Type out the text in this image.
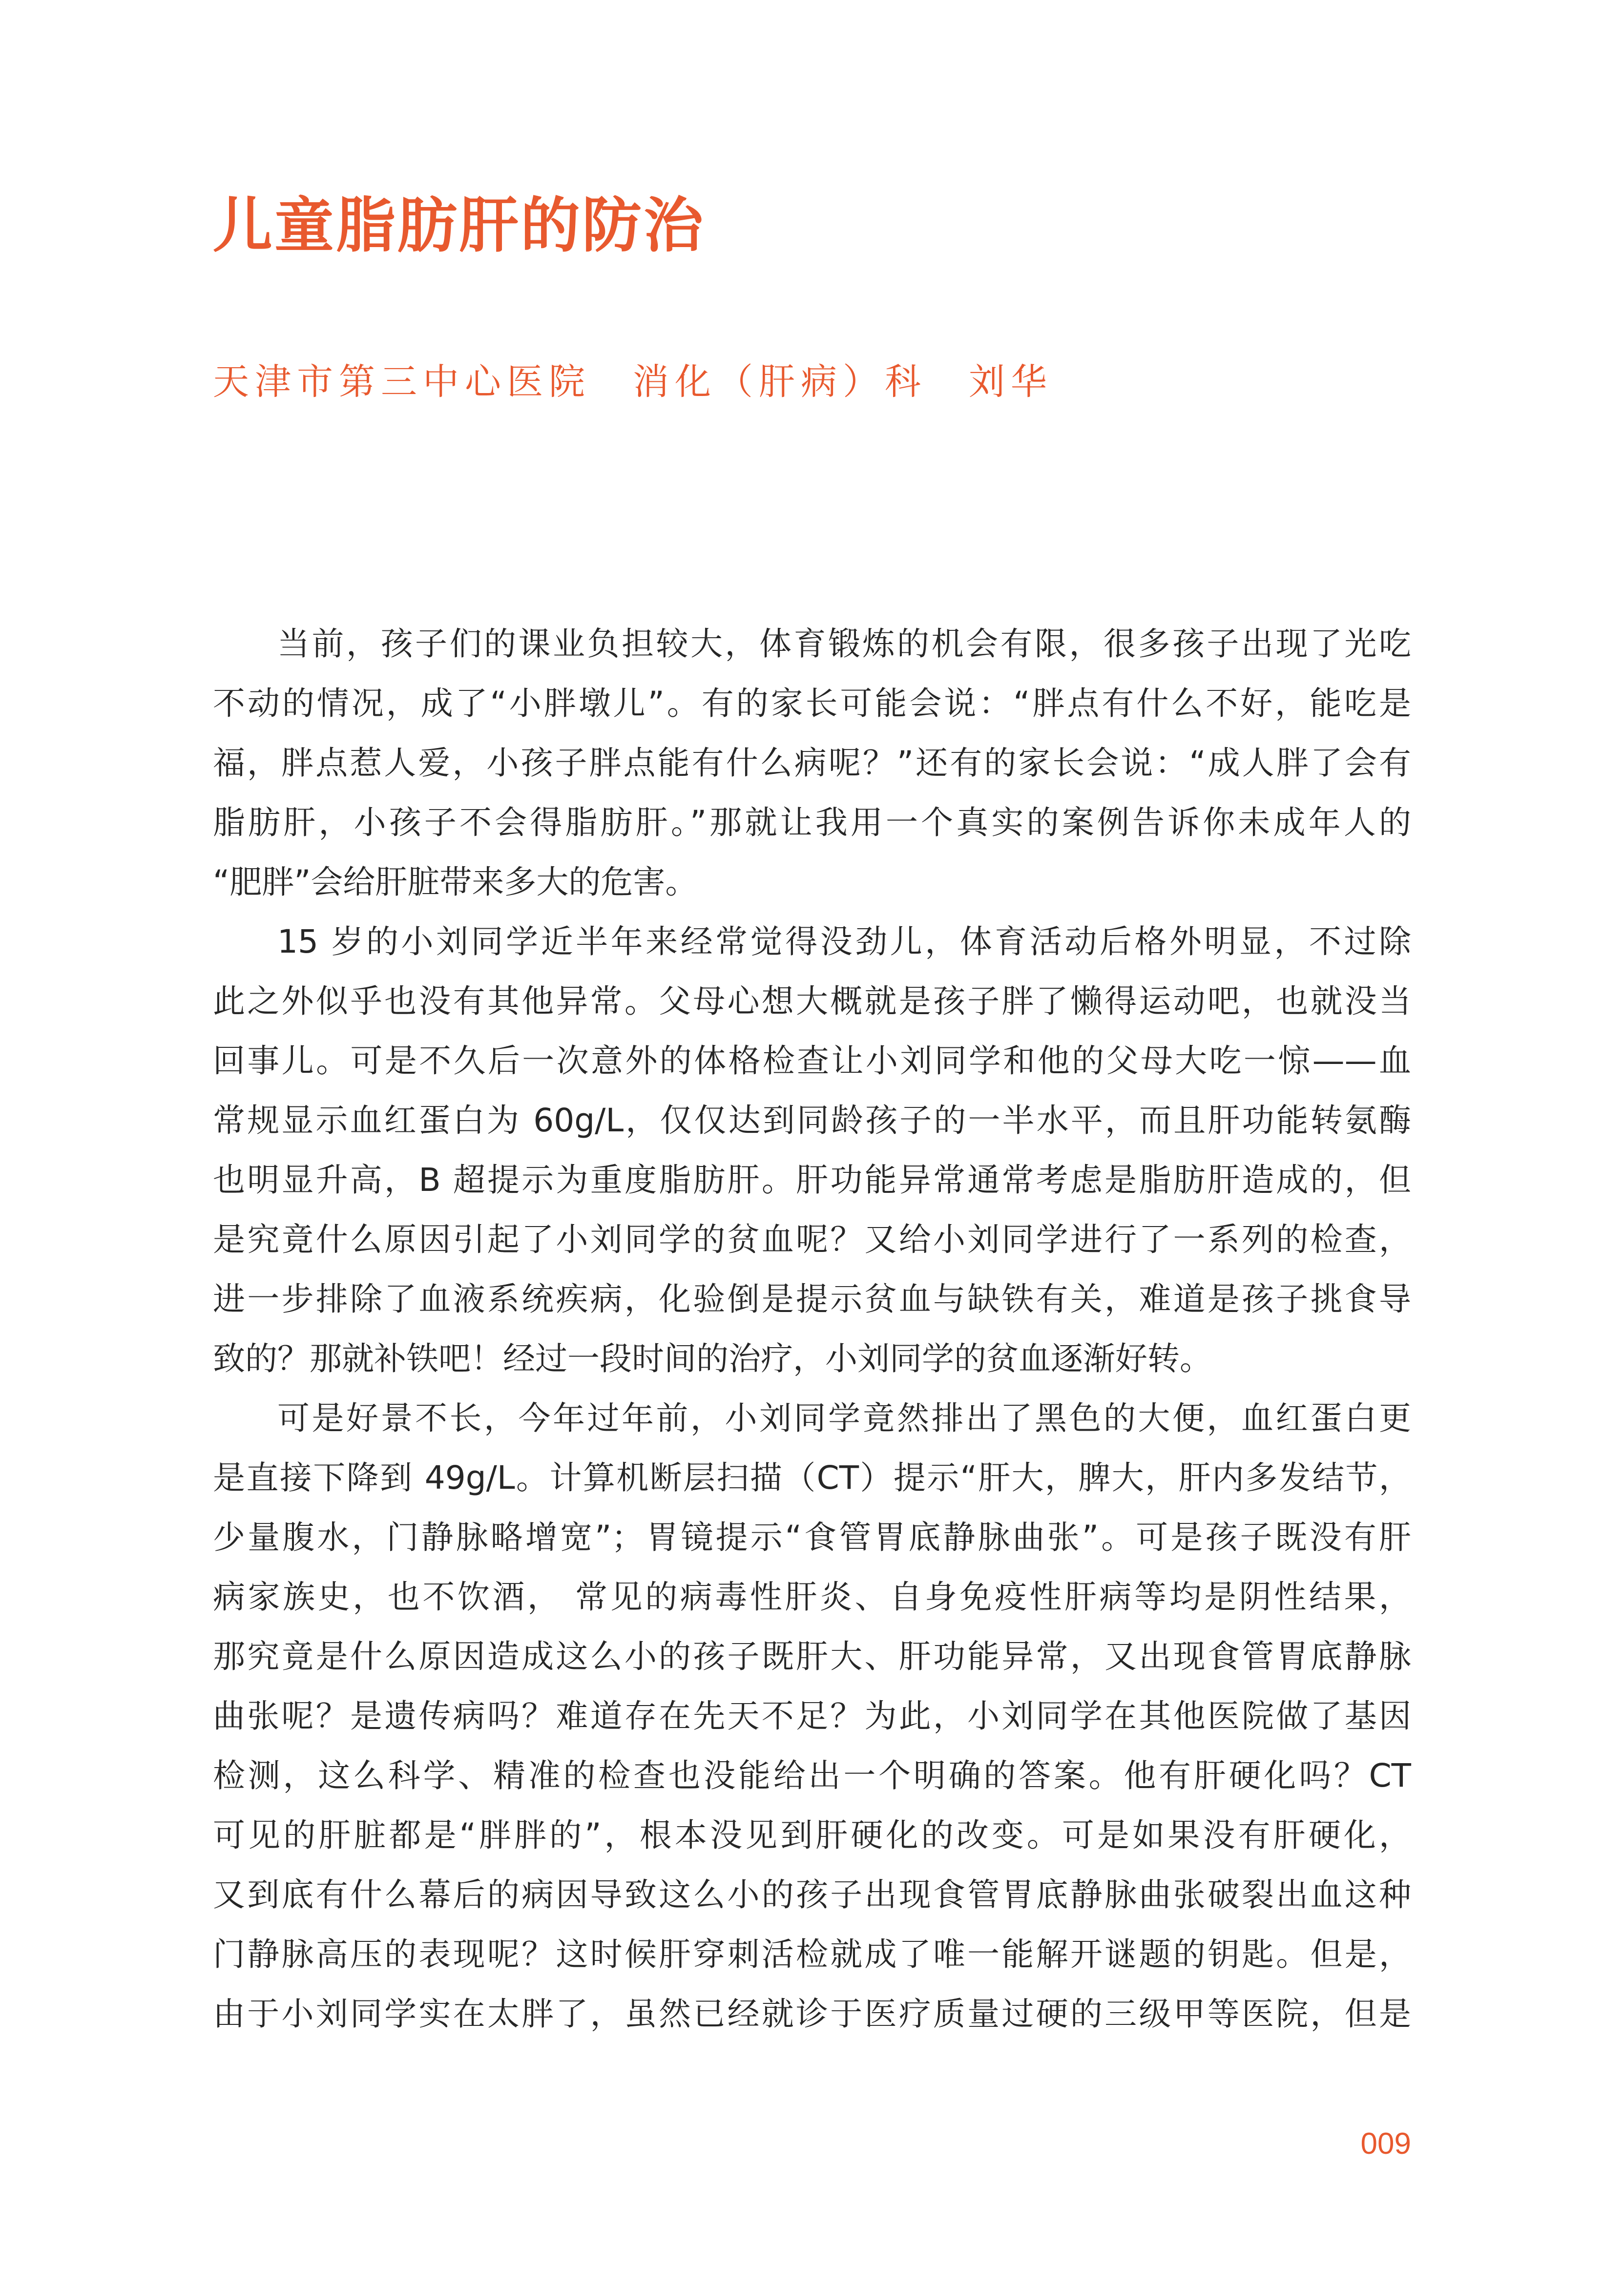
儿童脂肪肝的防治

天津市第三中心医院　消化（肝病）科　刘华

当前，孩子们的课业负担较大，体育锻炼的机会有限，很多孩子出现了光吃
不动的情况，成了“小胖墩儿”。有的家长可能会说：“胖点有什么不好，能吃是
福，胖点惹人爱，小孩子胖点能有什么病呢？”还有的家长会说：“成人胖了会有
脂肪肝，小孩子不会得脂肪肝。”那就让我用一个真实的案例告诉你未成年人的
“肥胖”会给肝脏带来多大的危害。
15 岁的小刘同学近半年来经常觉得没劲儿，体育活动后格外明显，不过除
此之外似乎也没有其他异常。父母心想大概就是孩子胖了懒得运动吧，也就没当
回事儿。可是不久后一次意外的体格检查让小刘同学和他的父母大吃一惊——血
常规显示血红蛋白为 60g/L，仅仅达到同龄孩子的一半水平，而且肝功能转氨酶
也明显升高，B 超提示为重度脂肪肝。肝功能异常通常考虑是脂肪肝造成的，但
是究竟什么原因引起了小刘同学的贫血呢？又给小刘同学进行了一系列的检查，
进一步排除了血液系统疾病，化验倒是提示贫血与缺铁有关，难道是孩子挑食导
致的？那就补铁吧！经过一段时间的治疗，小刘同学的贫血逐渐好转。
可是好景不长，今年过年前，小刘同学竟然排出了黑色的大便，血红蛋白更
是直接下降到 49g/L。计算机断层扫描（CT）提示“肝大，脾大，肝内多发结节，
少量腹水，门静脉略增宽”；胃镜提示“食管胃底静脉曲张”。可是孩子既没有肝
病家族史，也不饮酒， 常见的病毒性肝炎、自身免疫性肝病等均是阴性结果，
那究竟是什么原因造成这么小的孩子既肝大、肝功能异常，又出现食管胃底静脉
曲张呢？是遗传病吗？难道存在先天不足？为此，小刘同学在其他医院做了基因
检测，这么科学、精准的检查也没能给出一个明确的答案。他有肝硬化吗？CT
可见的肝脏都是“胖胖的”，根本没见到肝硬化的改变。可是如果没有肝硬化，
又到底有什么幕后的病因导致这么小的孩子出现食管胃底静脉曲张破裂出血这种
门静脉高压的表现呢？这时候肝穿刺活检就成了唯一能解开谜题的钥匙。但是，
由于小刘同学实在太胖了，虽然已经就诊于医疗质量过硬的三级甲等医院，但是
009
